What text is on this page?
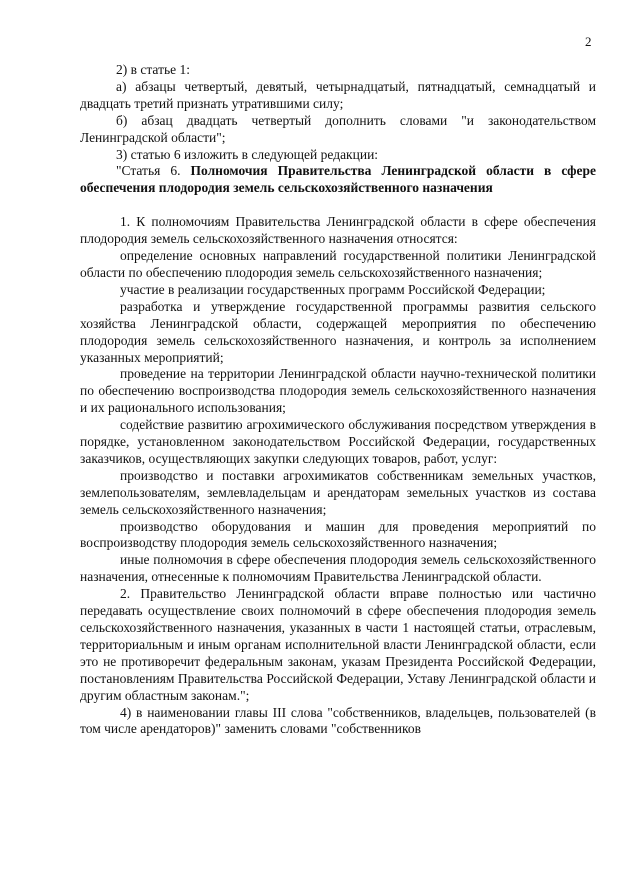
2

2) в статье 1:

а) абзацы четвертый, девятый, четырнадцатый, пятнадцатый, семнадцатый и двадцать третий признать утратившими силу;

б) абзац двадцать четвертый дополнить словами "и законодательством Ленинградской области";

3) статью 6 изложить в следующей редакции:

"Статья 6. Полномочия Правительства Ленинградской области в сфере обеспечения плодородия земель сельскохозяйственного назначения

1. К полномочиям Правительства Ленинградской области в сфере обеспечения плодородия земель сельскохозяйственного назначения относятся:

определение основных направлений государственной политики Ленинградской области по обеспечению плодородия земель сельскохозяйственного назначения;

участие в реализации государственных программ Российской Федерации;

разработка и утверждение государственной программы развития сельского хозяйства Ленинградской области, содержащей мероприятия по обеспечению плодородия земель сельскохозяйственного назначения, и контроль за исполнением указанных мероприятий;

проведение на территории Ленинградской области научно-технической политики по обеспечению воспроизводства плодородия земель сельскохозяйственного назначения и их рационального использования;

содействие развитию агрохимического обслуживания посредством утверждения в порядке, установленном законодательством Российской Федерации, государственных заказчиков, осуществляющих закупки следующих товаров, работ, услуг:

производство и поставки агрохимикатов собственникам земельных участков, землепользователям, землевладельцам и арендаторам земельных участков из состава земель сельскохозяйственного назначения;

производство оборудования и машин для проведения мероприятий по воспроизводству плодородия земель сельскохозяйственного назначения;

иные полномочия в сфере обеспечения плодородия земель сельскохозяйственного назначения, отнесенные к полномочиям Правительства Ленинградской области.

2. Правительство Ленинградской области вправе полностью или частично передавать осуществление своих полномочий в сфере обеспечения плодородия земель сельскохозяйственного назначения, указанных в части 1 настоящей статьи, отраслевым, территориальным и иным органам исполнительной власти Ленинградской области, если это не противоречит федеральным законам, указам Президента Российской Федерации, постановлениям Правительства Российской Федерации, Уставу Ленинградской области и другим областным законам.";

4) в наименовании главы III слова "собственников, владельцев, пользователей (в том числе арендаторов)" заменить словами "собственников
